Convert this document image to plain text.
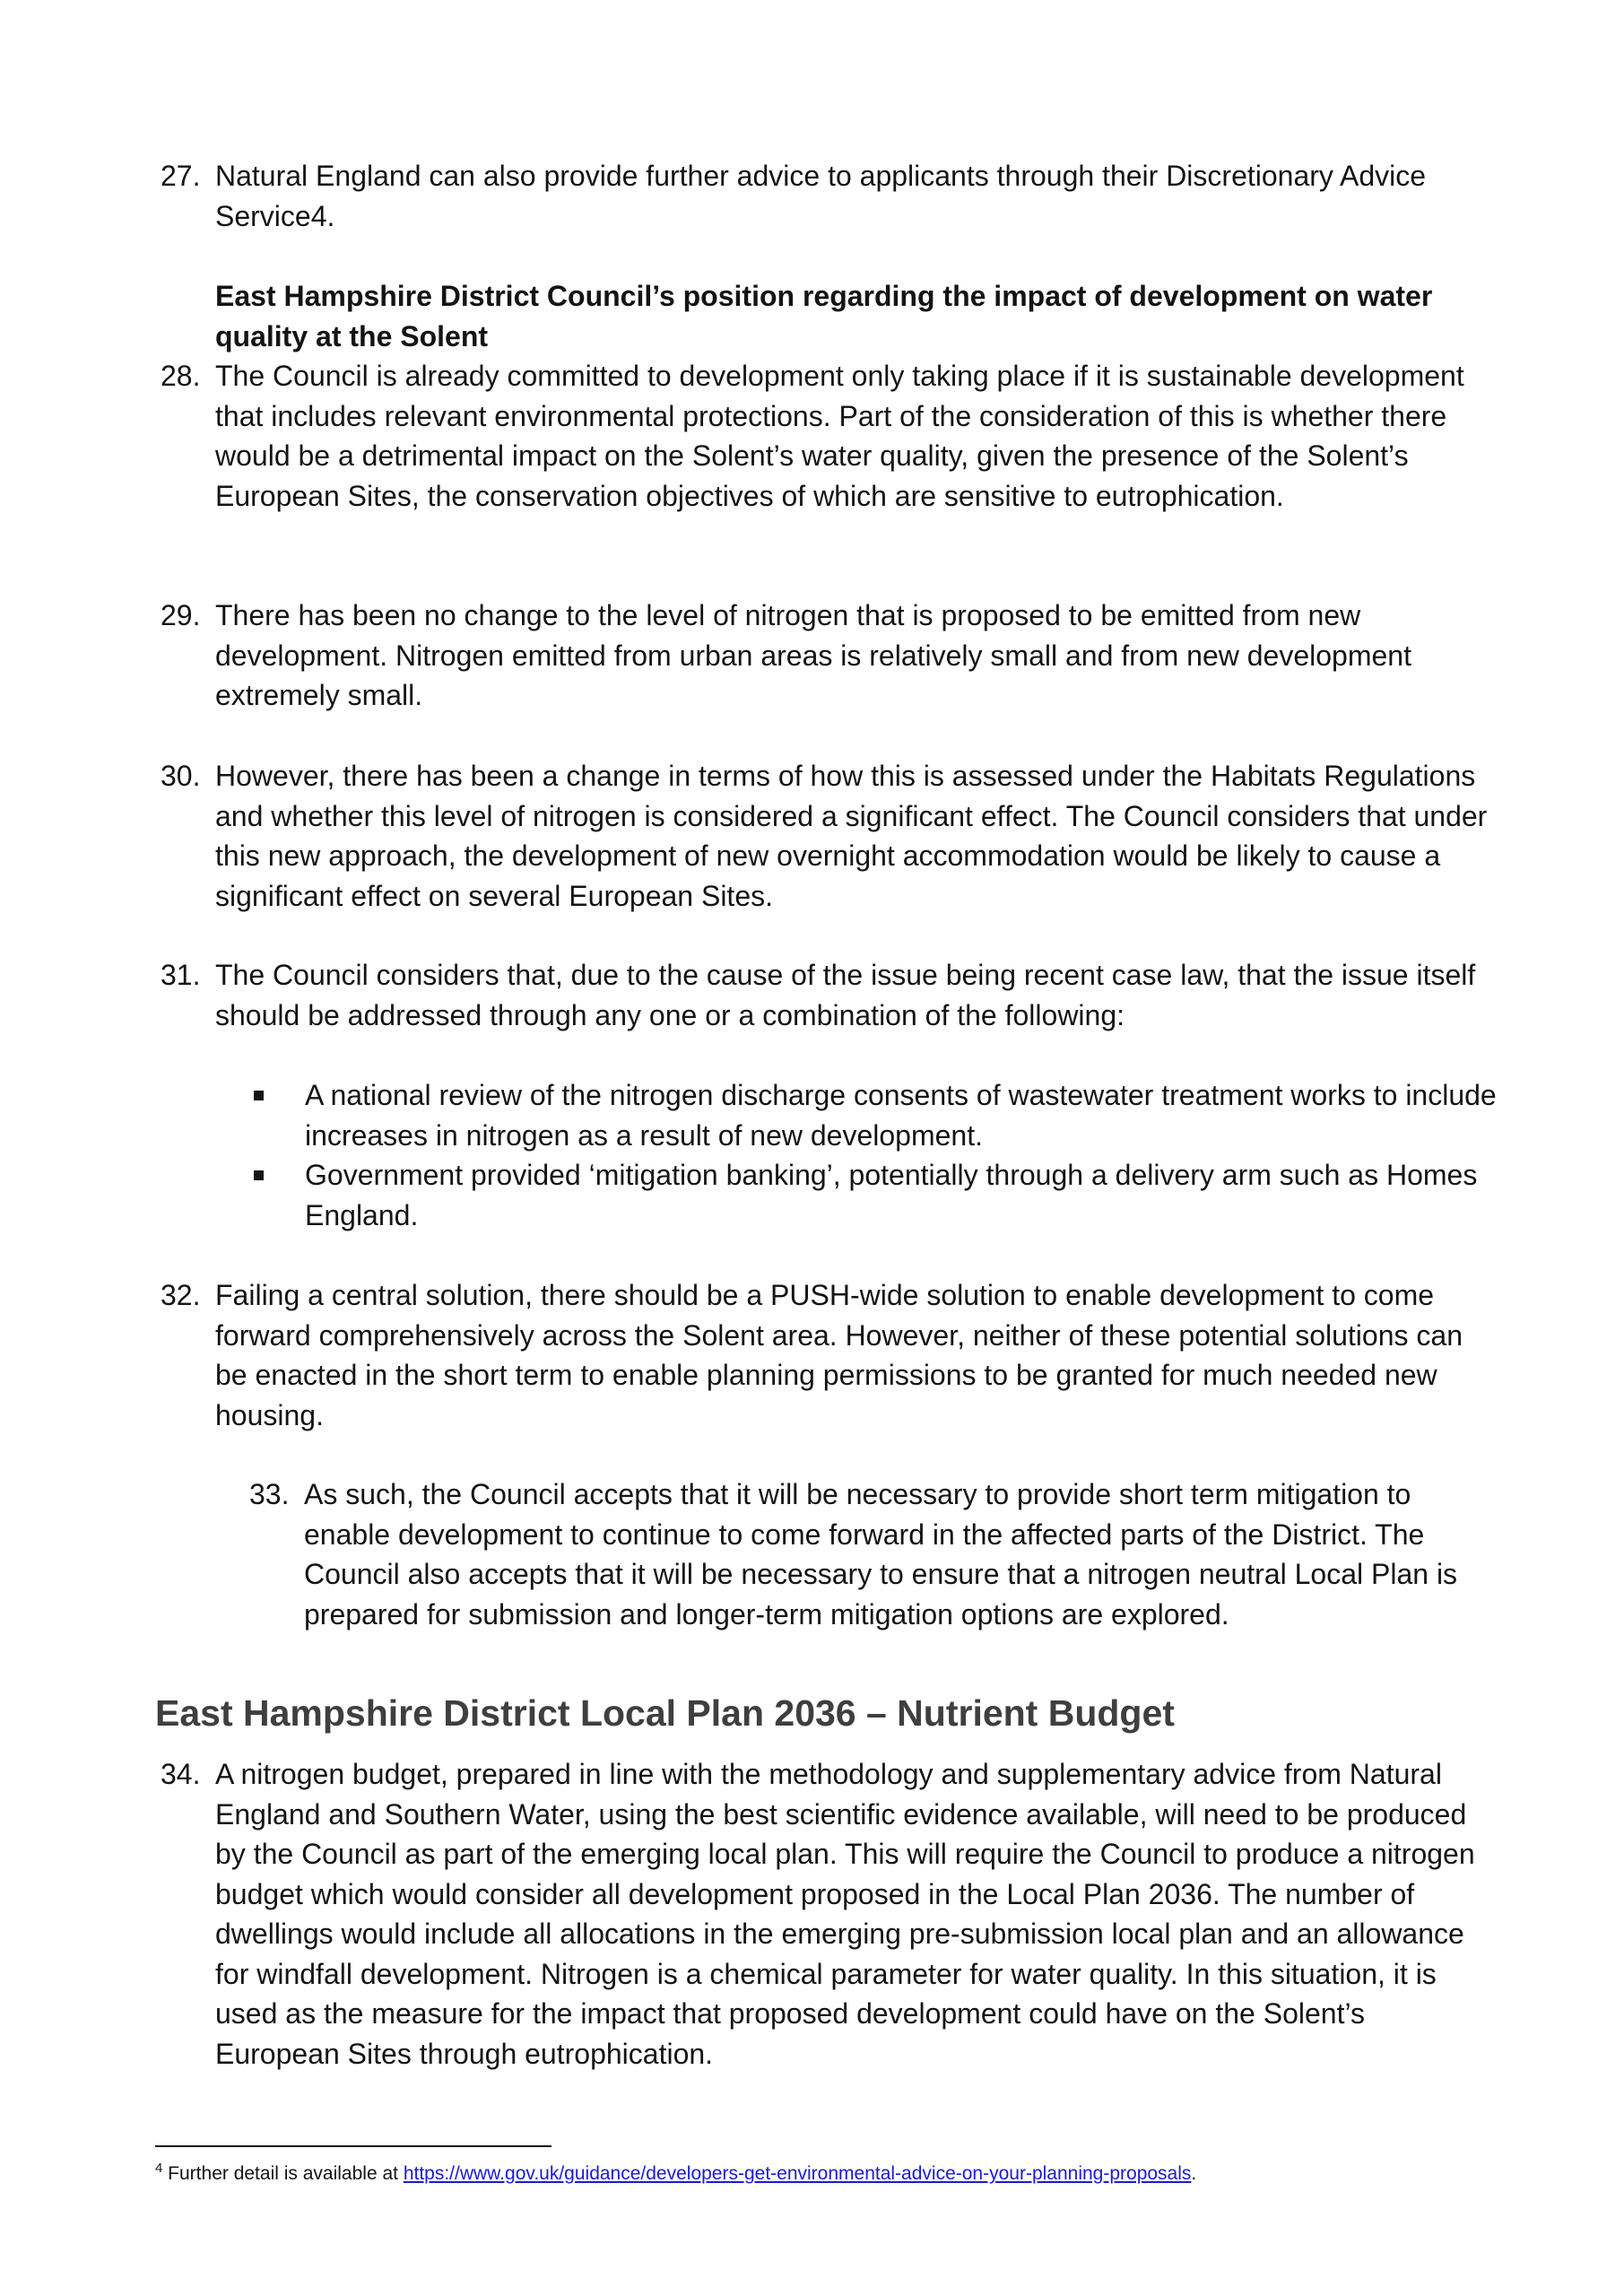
27. Natural England can also provide further advice to applicants through their Discretionary Advice Service4.
East Hampshire District Council’s position regarding the impact of development on water quality at the Solent
28. The Council is already committed to development only taking place if it is sustainable development that includes relevant environmental protections. Part of the consideration of this is whether there would be a detrimental impact on the Solent’s water quality, given the presence of the Solent’s European Sites, the conservation objectives of which are sensitive to eutrophication.
29. There has been no change to the level of nitrogen that is proposed to be emitted from new development. Nitrogen emitted from urban areas is relatively small and from new development extremely small.
30. However, there has been a change in terms of how this is assessed under the Habitats Regulations and whether this level of nitrogen is considered a significant effect. The Council considers that under this new approach, the development of new overnight accommodation would be likely to cause a significant effect on several European Sites.
31. The Council considers that, due to the cause of the issue being recent case law, that the issue itself should be addressed through any one or a combination of the following:
A national review of the nitrogen discharge consents of wastewater treatment works to include increases in nitrogen as a result of new development.
Government provided ‘mitigation banking’, potentially through a delivery arm such as Homes England.
32. Failing a central solution, there should be a PUSH-wide solution to enable development to come forward comprehensively across the Solent area. However, neither of these potential solutions can be enacted in the short term to enable planning permissions to be granted for much needed new housing.
33. As such, the Council accepts that it will be necessary to provide short term mitigation to enable development to continue to come forward in the affected parts of the District. The Council also accepts that it will be necessary to ensure that a nitrogen neutral Local Plan is prepared for submission and longer-term mitigation options are explored.
East Hampshire District Local Plan 2036 – Nutrient Budget
34. A nitrogen budget, prepared in line with the methodology and supplementary advice from Natural England and Southern Water, using the best scientific evidence available, will need to be produced by the Council as part of the emerging local plan. This will require the Council to produce a nitrogen budget which would consider all development proposed in the Local Plan 2036. The number of dwellings would include all allocations in the emerging pre-submission local plan and an allowance for windfall development. Nitrogen is a chemical parameter for water quality. In this situation, it is used as the measure for the impact that proposed development could have on the Solent’s European Sites through eutrophication.
$^4$ Further detail is available at https://www.gov.uk/guidance/developers-get-environmental-advice-on-your-planning-proposals.
